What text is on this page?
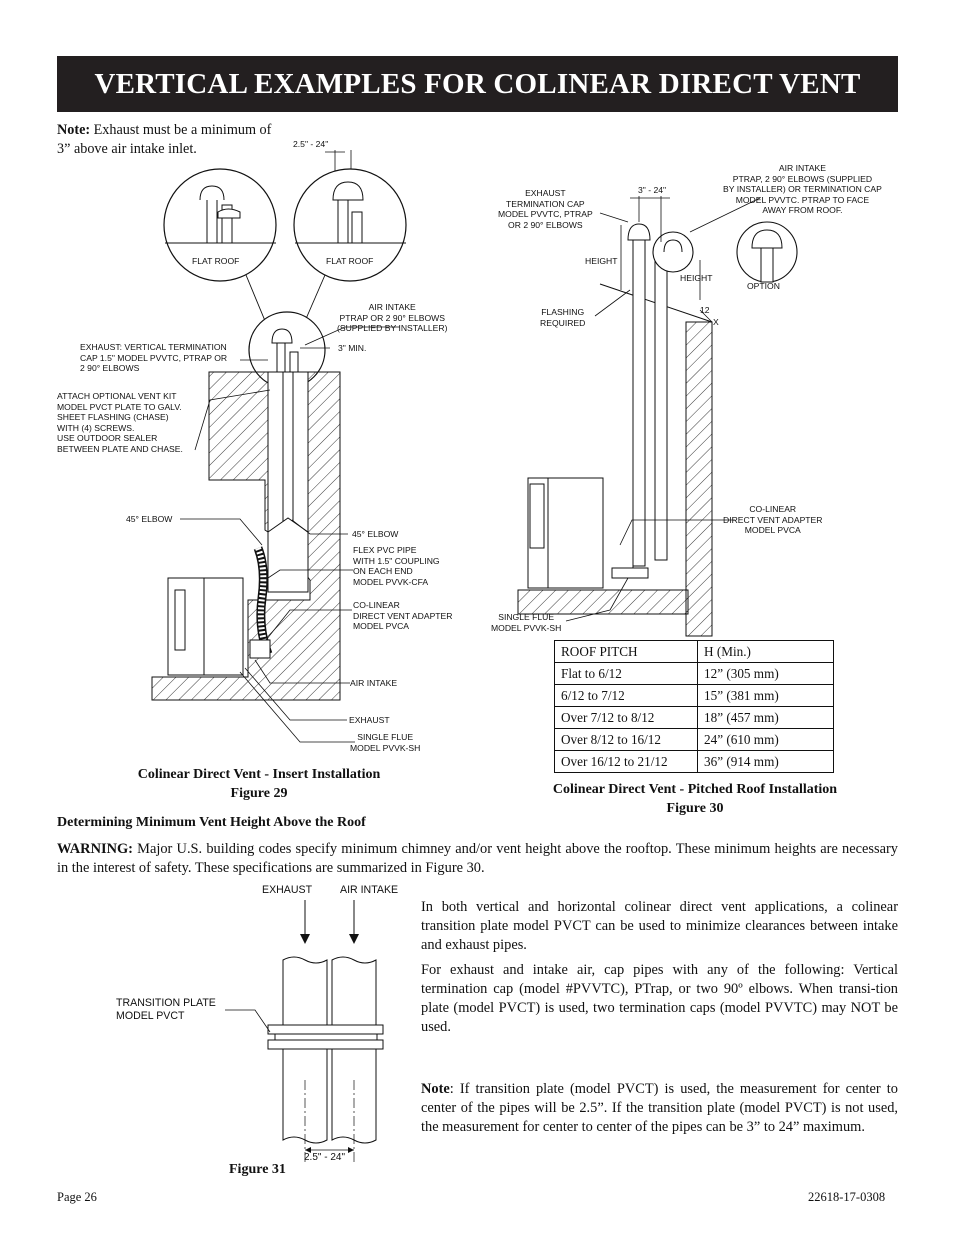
VERTICAL EXAMPLES FOR COLINEAR DIRECT VENT
Note: Exhaust must be a minimum of 3” above air intake inlet.	2.5" - 24"
FLAT ROOF	FLAT ROOF
AIR INTAKE
PTRAP OR 2 90° ELBOWS
(SUPPLIED BY INSTALLER)
EXHAUST: VERTICAL TERMINATION
CAP 1.5" MODEL PVVTC, PTRAP OR
2 90° ELBOWS
3" MIN.
ATTACH OPTIONAL VENT KIT
MODEL PVCT PLATE TO GALV.
SHEET FLASHING (CHASE)
WITH (4) SCREWS.
USE OUTDOOR SEALER
BETWEEN PLATE AND CHASE.
45° ELBOW
45° ELBOW
FLEX PVC PIPE
WITH 1.5" COUPLING
ON EACH END
MODEL PVVK-CFA
CO-LINEAR
DIRECT VENT ADAPTER
MODEL PVCA
AIR INTAKE
EXHAUST
SINGLE FLUE
MODEL PVVK-SH
Colinear Direct Vent - Insert Installation
Figure 29
AIR INTAKE
PTRAP, 2 90° ELBOWS (SUPPLIED
BY INSTALLER) OR TERMINATION CAP
MODEL PVVTC. PTRAP TO FACE
AWAY FROM ROOF.
EXHAUST
TERMINATION CAP
MODEL PVVTC, PTRAP
OR 2 90° ELBOWS
3" - 24"
HEIGHT
HEIGHT
OPTION
FLASHING
REQUIRED
12
X
CO-LINEAR
DIRECT VENT ADAPTER
MODEL PVCA
SINGLE FLUE
MODEL PVVK-SH
ROOF PITCH	H (Min.)
Flat to 6/12	12” (305 mm)
6/12 to 7/12	15” (381 mm)
Over 7/12 to 8/12	18” (457 mm)
Over 8/12 to 16/12	24” (610 mm)
Over 16/12 to 21/12	36” (914 mm)
Colinear Direct Vent - Pitched Roof Installation
Figure 30
Determining Minimum Vent Height Above the Roof
WARNING: Major U.S. building codes specify minimum chimney and/or vent height above the rooftop. These minimum heights are necessary in the interest of safety. These specifications are summarized in Figure 30.
EXHAUST	AIR INTAKE
TRANSITION PLATE
MODEL PVCT
2.5" - 24"
Figure 31
In both vertical and horizontal colinear direct vent applications, a colinear transition plate model PVCT can be used to minimize clearances between intake and exhaust pipes.
For exhaust and intake air, cap pipes with any of the following: Vertical termination cap (model #PVVTC), PTrap, or two 90º elbows. When transi-tion plate (model PVCT) is used, two termination caps (model PVVTC) may NOT be used.
Note: If transition plate (model PVCT) is used, the measurement for center to center of the pipes will be 2.5”. If the transition plate (model PVCT) is not used, the measurement for center to center of the pipes can be 3” to 24” maximum.
Page 26	22618-17-0308
